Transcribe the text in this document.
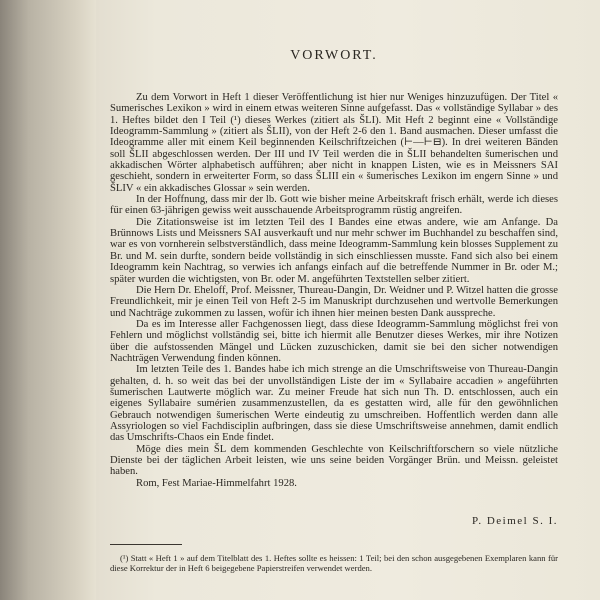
VORWORT.

Zu dem Vorwort in Heft 1 dieser Veröffentlichung ist hier nur Weniges hinzuzufügen. Der Titel « Sumerisches Lexikon » wird in einem etwas weiteren Sinne aufgefasst. Das « vollständige Syllabar » des 1. Heftes bildet den I Teil (¹) dieses Werkes (zitiert als ŠLI). Mit Heft 2 beginnt eine « Vollständige Ideogramm-Sammlung » (zitiert als ŠLII), von der Heft 2-6 den 1. Band ausmachen. Dieser umfasst die Ideogramme aller mit einem Keil beginnenden Keilschriftzeichen (⊢—⊢⊟). In drei weiteren Bänden soll ŠLII abgeschlossen werden. Der III und IV Teil werden die in ŠLII behandelten šumerischen und akkadischen Wörter alphabetisch aufführen; aber nicht in knappen Listen, wie es in Meissners SAI geschieht, sondern in erweiterter Form, so dass ŠLIII ein « šumerisches Lexikon im engern Sinne » und ŠLIV « ein akkadisches Glossar » sein werden.

In der Hoffnung, dass mir der lb. Gott wie bisher meine Arbeitskraft frisch erhält, werde ich dieses für einen 63-jährigen gewiss weit ausschauende Arbeitsprogramm rüstig angreifen.

Die Zitationsweise ist im letzten Teil des I Bandes eine etwas andere, wie am Anfange. Da Brünnows Lists und Meissners SAI ausverkauft und nur mehr schwer im Buchhandel zu beschaffen sind, war es von vornherein selbstverständlich, dass meine Ideogramm-Sammlung kein blosses Supplement zu Br. und M. sein durfte, sondern beide vollständig in sich einschliessen musste. Fand sich also bei einem Ideogramm kein Nachtrag, so verwies ich anfangs einfach auf die betreffende Nummer in Br. oder M.; später wurden die wichtigsten, von Br. oder M. angeführten Textstellen selber zitiert.

Die Hern Dr. Eheloff, Prof. Meissner, Thureau-Dangin, Dr. Weidner und P. Witzel hatten die grosse Freundlichkeit, mir je einen Teil von Heft 2-5 im Manuskript durchzusehen und wertvolle Bemerkungen und Nachträge zukommen zu lassen, wofür ich ihnen hier meinen besten Dank ausspreche.

Da es im Interesse aller Fachgenossen liegt, dass diese Ideogramm-Sammlung möglichst frei von Fehlern und möglichst vollständig sei, bitte ich hiermit alle Benutzer dieses Werkes, mir ihre Notizen über die aufstossenden Mängel und Lücken zuzuschicken, damit sie bei den sicher notwendigen Nachträgen Verwendung finden können.

Im letzten Teile des 1. Bandes habe ich mich strenge an die Umschriftsweise von Thureau-Dangin gehalten, d. h. so weit das bei der unvollständigen Liste der im « Syllabaire accadien » angeführten šumerischen Lautwerte möglich war. Zu meiner Freude hat sich nun Th. D. entschlossen, auch ein eigenes Syllabaire sumérien zusammenzustellen, da es gestatten wird, alle für den gewöhnlichen Gebrauch notwendigen šumerischen Werte eindeutig zu umschreiben. Hoffentlich werden dann alle Assyriologen so viel Fachdisciplin aufbringen, dass sie diese Umschriftsweise annehmen, damit endlich das Umschrifts-Chaos ein Ende findet.

Möge dies mein ŠL dem kommenden Geschlechte von Keilschriftforschern so viele nützliche Dienste bei der täglichen Arbeit leisten, wie uns seine beiden Vorgänger Brün. und Meissn. geleistet haben.

Rom, Fest Mariae-Himmelfahrt 1928.

P. Deimel S. I.
(¹) Statt « Heft 1 » auf dem Titelblatt des 1. Heftes sollte es heissen: 1 Teil; bei den schon ausgegebenen Exemplaren kann für diese Korrektur der in Heft 6 beigegebene Papierstreifen verwendet werden.
